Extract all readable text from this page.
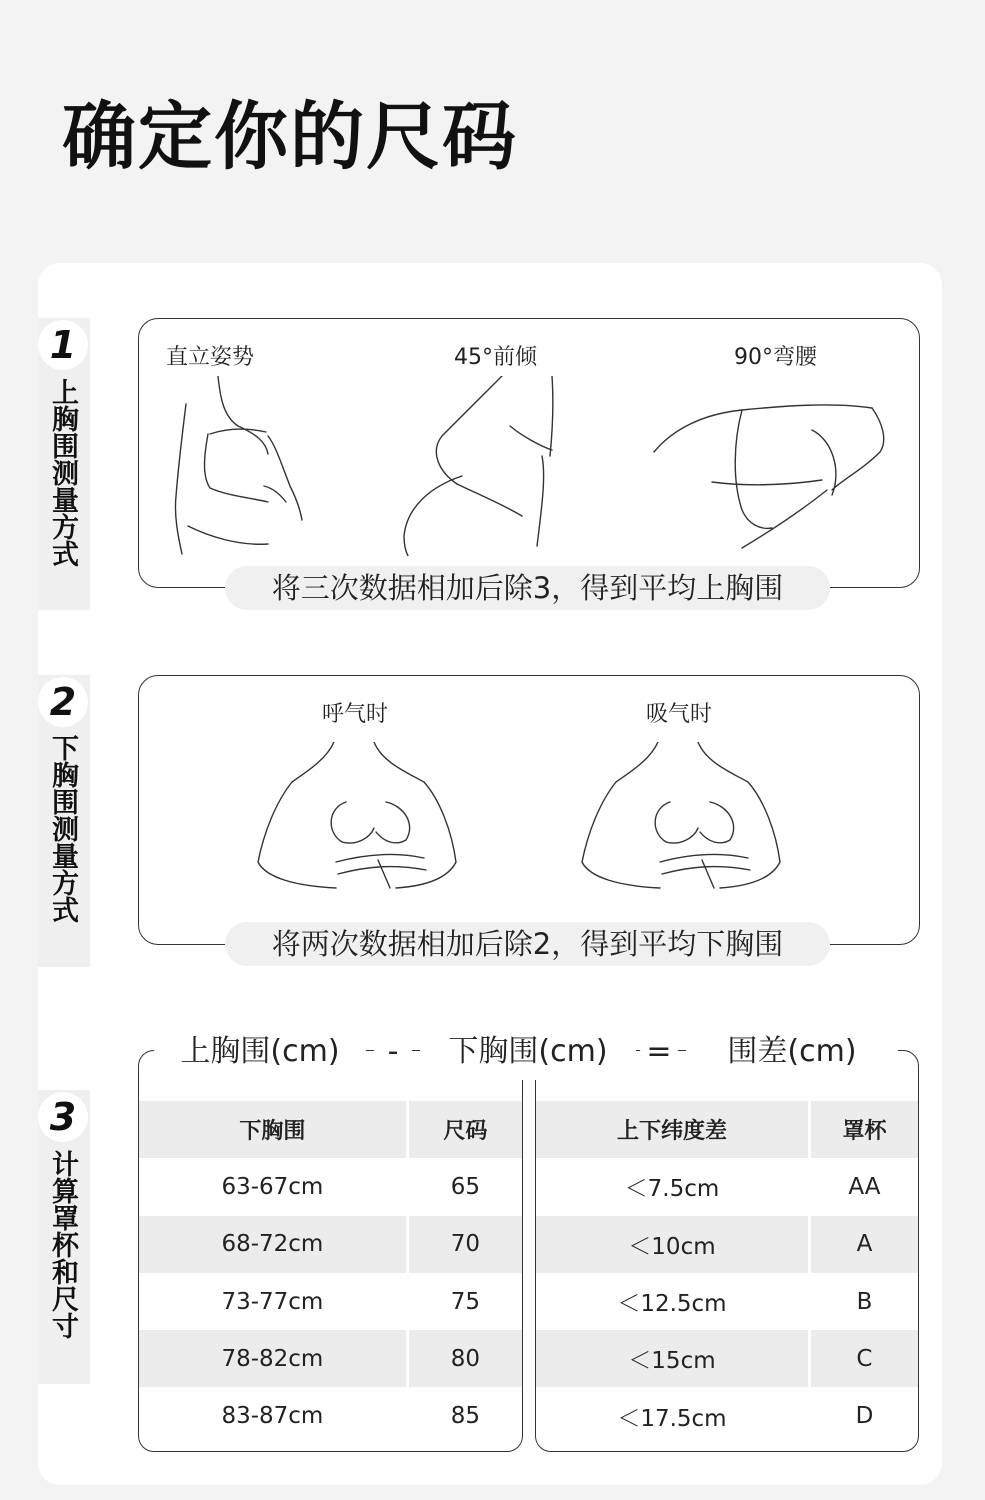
确定你的尺码
1
上胸围测量方式
直立姿势	45°前倾	90°弯腰
将三次数据相加后除3，得到平均上胸围
2
下胸围测量方式
呼气时	吸气时
将两次数据相加后除2，得到平均下胸围
3
计算罩杯和尺寸
下胸围	尺码
63-67cm	65
68-72cm	70
73-77cm	75
78-82cm	80
83-87cm	85
上下纬度差	罩杯
＜7.5cm	AA
＜10cm	A
＜12.5cm	B
＜15cm	C
＜17.5cm	D
上胸围(cm)	-	下胸围(cm)	=	围差(cm)
